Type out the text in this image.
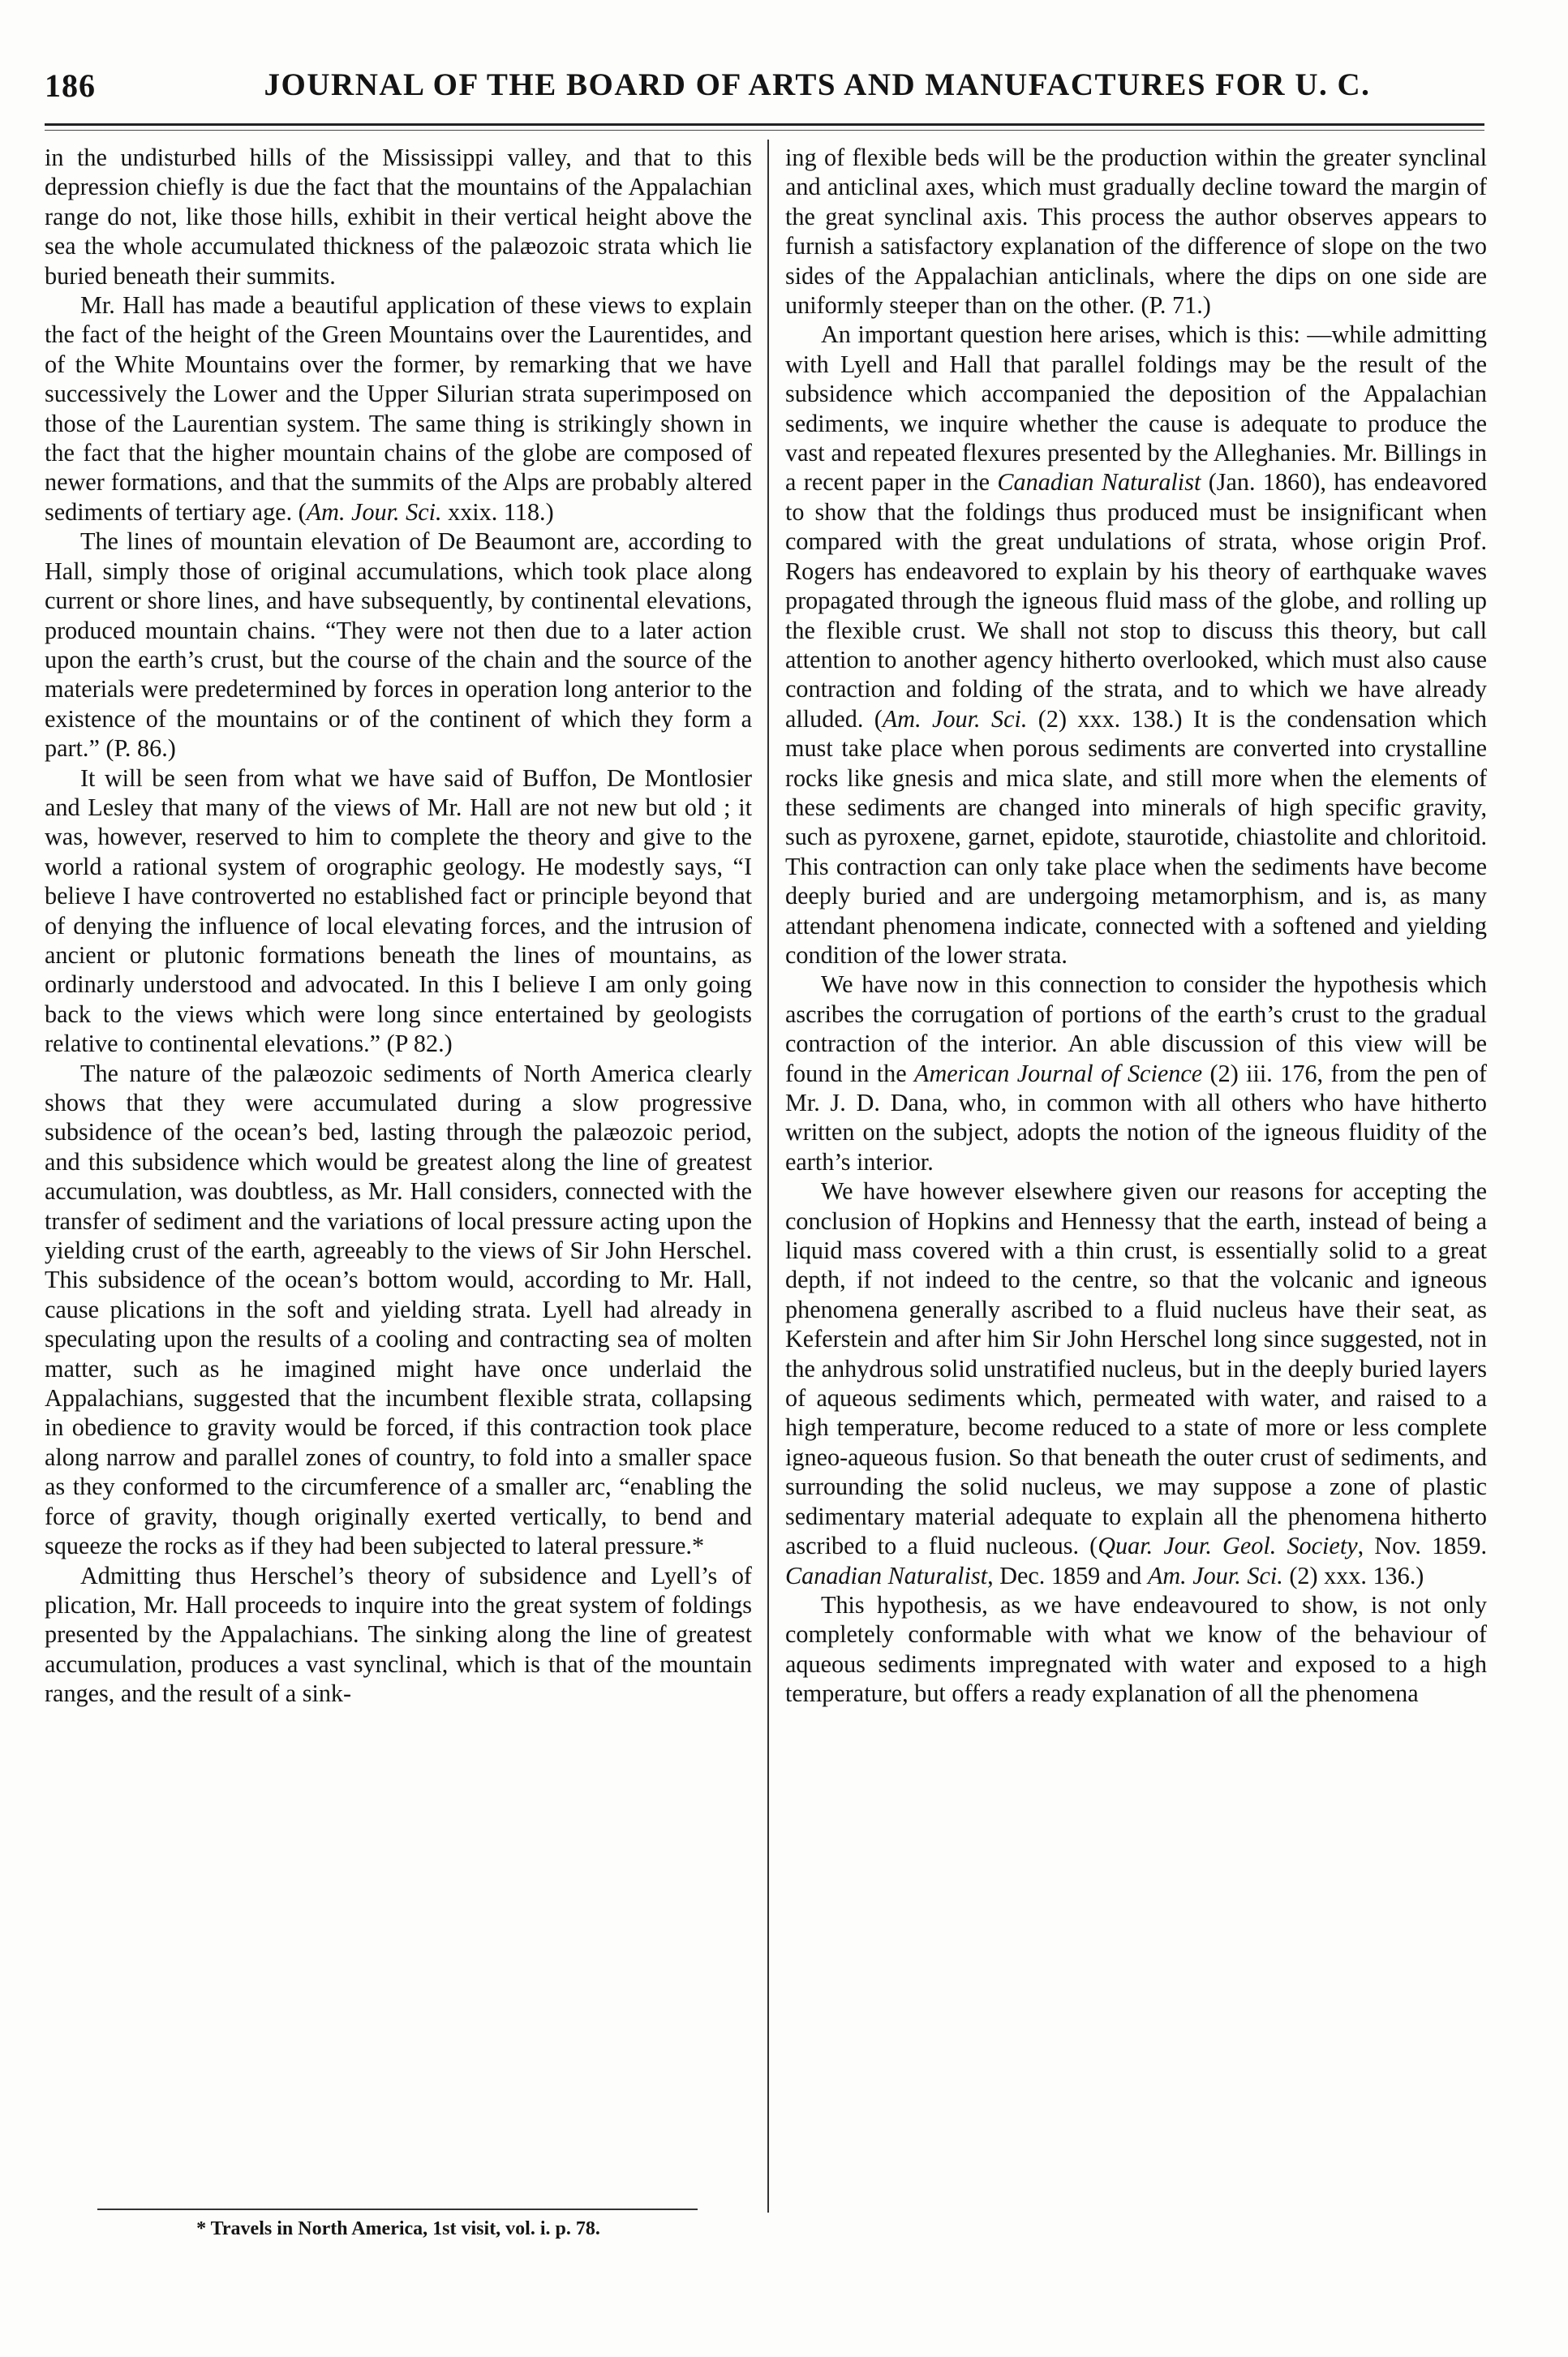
186	JOURNAL OF THE BOARD OF ARTS AND MANUFACTURES FOR U. C.

in the undisturbed hills of the Mississippi valley, and that to this depression chiefly is due the fact that the mountains of the Appalachian range do not, like those hills, exhibit in their vertical height above the sea the whole accumulated thickness of the palæozoic strata which lie buried beneath their summits.

Mr. Hall has made a beautiful application of these views to explain the fact of the height of the Green Mountains over the Laurentides, and of the White Mountains over the former, by remarking that we have successively the Lower and the Upper Silurian strata superimposed on those of the Laurentian system. The same thing is strikingly shown in the fact that the higher mountain chains of the globe are composed of newer formations, and that the summits of the Alps are probably altered sediments of tertiary age. (Am. Jour. Sci. xxix. 118.)

The lines of mountain elevation of De Beaumont are, according to Hall, simply those of original accumulations, which took place along current or shore lines, and have subsequently, by continental elevations, produced mountain chains. “They were not then due to a later action upon the earth’s crust, but the course of the chain and the source of the materials were predetermined by forces in operation long anterior to the existence of the mountains or of the continent of which they form a part.” (P. 86.)

It will be seen from what we have said of Buffon, De Montlosier and Lesley that many of the views of Mr. Hall are not new but old ; it was, however, reserved to him to complete the theory and give to the world a rational system of orographic geology. He modestly says, “I believe I have controverted no established fact or principle beyond that of denying the influence of local elevating forces, and the intrusion of ancient or plutonic formations beneath the lines of mountains, as ordinarly understood and advocated. In this I believe I am only going back to the views which were long since entertained by geologists relative to continental elevations.” (P 82.)

The nature of the palæozoic sediments of North America clearly shows that they were accumulated during a slow progressive subsidence of the ocean’s bed, lasting through the palæozoic period, and this subsidence which would be greatest along the line of greatest accumulation, was doubtless, as Mr. Hall considers, connected with the transfer of sediment and the variations of local pressure acting upon the yielding crust of the earth, agreeably to the views of Sir John Herschel. This subsidence of the ocean’s bottom would, according to Mr. Hall, cause plications in the soft and yielding strata. Lyell had already in speculating upon the results of a cooling and contracting sea of molten matter, such as he imagined might have once underlaid the Appalachians, suggested that the incumbent flexible strata, collapsing in obedience to gravity would be forced, if this contraction took place along narrow and parallel zones of country, to fold into a smaller space as they conformed to the circumference of a smaller arc, “enabling the force of gravity, though originally exerted vertically, to bend and squeeze the rocks as if they had been subjected to lateral pressure.*

Admitting thus Herschel’s theory of subsidence and Lyell’s of plication, Mr. Hall proceeds to inquire into the great system of foldings presented by the Appalachians. The sinking along the line of greatest accumulation, produces a vast synclinal, which is that of the mountain ranges, and the result of a sink-

ing of flexible beds will be the production within the greater synclinal and anticlinal axes, which must gradually decline toward the margin of the great synclinal axis. This process the author observes appears to furnish a satisfactory explanation of the difference of slope on the two sides of the Appalachian anticlinals, where the dips on one side are uniformly steeper than on the other. (P. 71.)

An important question here arises, which is this: —while admitting with Lyell and Hall that parallel foldings may be the result of the subsidence which accompanied the deposition of the Appalachian sediments, we inquire whether the cause is adequate to produce the vast and repeated flexures presented by the Alleghanies. Mr. Billings in a recent paper in the Canadian Naturalist (Jan. 1860), has endeavored to show that the foldings thus produced must be insignificant when compared with the great undulations of strata, whose origin Prof. Rogers has endeavored to explain by his theory of earthquake waves propagated through the igneous fluid mass of the globe, and rolling up the flexible crust. We shall not stop to discuss this theory, but call attention to another agency hitherto overlooked, which must also cause contraction and folding of the strata, and to which we have already alluded. (Am. Jour. Sci. (2) xxx. 138.) It is the condensation which must take place when porous sediments are converted into crystalline rocks like gnesis and mica slate, and still more when the elements of these sediments are changed into minerals of high specific gravity, such as pyroxene, garnet, epidote, staurotide, chiastolite and chloritoid. This contraction can only take place when the sediments have become deeply buried and are undergoing metamorphism, and is, as many attendant phenomena indicate, connected with a softened and yielding condition of the lower strata.

We have now in this connection to consider the hypothesis which ascribes the corrugation of portions of the earth’s crust to the gradual contraction of the interior. An able discussion of this view will be found in the American Journal of Science (2) iii. 176, from the pen of Mr. J. D. Dana, who, in common with all others who have hitherto written on the subject, adopts the notion of the igneous fluidity of the earth’s interior.

We have however elsewhere given our reasons for accepting the conclusion of Hopkins and Hennessy that the earth, instead of being a liquid mass covered with a thin crust, is essentially solid to a great depth, if not indeed to the centre, so that the volcanic and igneous phenomena generally ascribed to a fluid nucleus have their seat, as Keferstein and after him Sir John Herschel long since suggested, not in the anhydrous solid unstratified nucleus, but in the deeply buried layers of aqueous sediments which, permeated with water, and raised to a high temperature, become reduced to a state of more or less complete igneo-aqueous fusion. So that beneath the outer crust of sediments, and surrounding the solid nucleus, we may suppose a zone of plastic sedimentary material adequate to explain all the phenomena hitherto ascribed to a fluid nucleous. (Quar. Jour. Geol. Society, Nov. 1859. Canadian Naturalist, Dec. 1859 and Am. Jour. Sci. (2) xxx. 136.)

This hypothesis, as we have endeavoured to show, is not only completely conformable with what we know of the behaviour of aqueous sediments impregnated with water and exposed to a high temperature, but offers a ready explanation of all the phenomena

* Travels in North America, 1st visit, vol. i. p. 78.
